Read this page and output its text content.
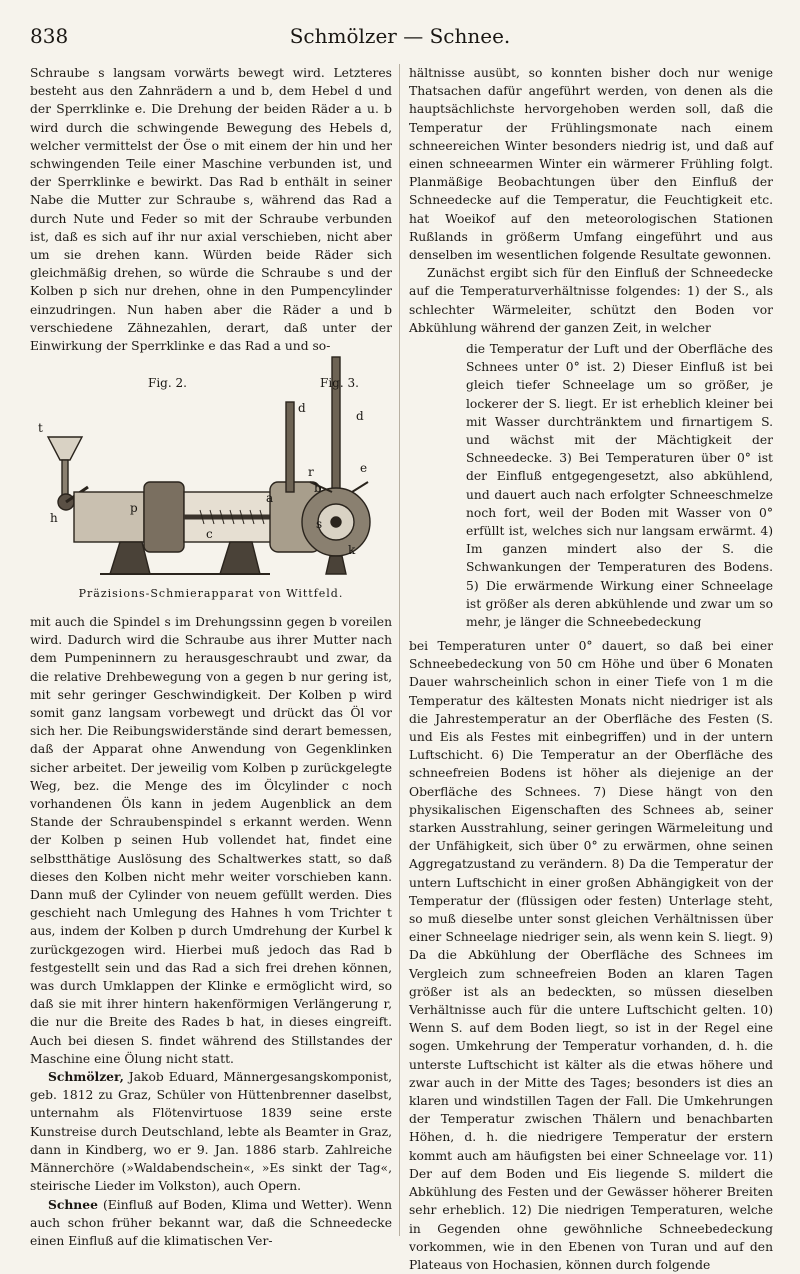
838	Schmölzer — Schnee.

Schraube s langsam vorwärts bewegt wird. Letzteres besteht aus den Zahnrädern a und b, dem Hebel d und der Sperrklinke e. Die Drehung der beiden Räder a u. b wird durch die schwingende Bewegung des Hebels d, welcher vermittelst der Öse o mit einem der hin und her schwingenden Teile einer Maschine verbunden ist, und der Sperrklinke e bewirkt. Das Rad b enthält in seiner Nabe die Mutter zur Schraube s, während das Rad a durch Nute und Feder so mit der Schraube verbunden ist, daß es sich auf ihr nur axial verschieben, nicht aber um sie drehen kann. Würden beide Räder sich gleichmäßig drehen, so würde die Schraube s und der Kolben p sich nur drehen, ohne in den Pumpencylinder einzudringen. Nun haben aber die Räder a und b verschiedene Zähnezahlen, derart, daß unter der Einwirkung der Sperrklinke e das Rad a und so-

Fig. 2.	Fig. 3.
t
d
h
p
a
b
c
s
k
d
r	e
Präzisions-Schmierapparat von Wittfeld.

mit auch die Spindel s im Drehungssinn gegen b voreilen wird. Dadurch wird die Schraube aus ihrer Mutter nach dem Pumpeninnern zu herausgeschraubt und zwar, da die relative Drehbewegung von a gegen b nur gering ist, mit sehr geringer Geschwindigkeit. Der Kolben p wird somit ganz langsam vorbewegt und drückt das Öl vor sich her. Die Reibungswiderstände sind derart bemessen, daß der Apparat ohne Anwendung von Gegenklinken sicher arbeitet. Der jeweilig vom Kolben p zurückgelegte Weg, bez. die Menge des im Ölcylinder c noch vorhandenen Öls kann in jedem Augenblick an dem Stande der Schraubenspindel s erkannt werden. Wenn der Kolben p seinen Hub vollendet hat, findet eine selbstthätige Auslösung des Schaltwerkes statt, so daß dieses den Kolben nicht mehr weiter vorschieben kann. Dann muß der Cylinder von neuem gefüllt werden. Dies geschieht nach Umlegung des Hahnes h vom Trichter t aus, indem der Kolben p durch Umdrehung der Kurbel k zurückgezogen wird. Hierbei muß jedoch das Rad b festgestellt sein und das Rad a sich frei drehen können, was durch Umklappen der Klinke e ermöglicht wird, so daß sie mit ihrer hintern hakenförmigen Verlängerung r, die nur die Breite des Rades b hat, in dieses eingreift. Auch bei diesen S. findet während des Stillstandes der Maschine eine Ölung nicht statt.

Schmölzer, Jakob Eduard, Männergesangskomponist, geb. 1812 zu Graz, Schüler von Hüttenbrenner daselbst, unternahm als Flötenvirtuose 1839 seine erste Kunstreise durch Deutschland, lebte als Beamter in Graz, dann in Kindberg, wo er 9. Jan. 1886 starb. Zahlreiche Männerchöre (»Waldabendschein«, »Es sinkt der Tag«, steirische Lieder im Volkston), auch Opern.

Schnee (Einfluß auf Boden, Klima und Wetter). Wenn auch schon früher bekannt war, daß die Schneedecke einen Einfluß auf die klimatischen Ver-

hältnisse ausübt, so konnten bisher doch nur wenige Thatsachen dafür angeführt werden, von denen als die hauptsächlichste hervorgehoben werden soll, daß die Temperatur der Frühlingsmonate nach einem schneereichen Winter besonders niedrig ist, und daß auf einen schneearmen Winter ein wärmerer Frühling folgt. Planmäßige Beobachtungen über den Einfluß der Schneedecke auf die Temperatur, die Feuchtigkeit etc. hat Woeikof auf den meteorologischen Stationen Rußlands in größerm Umfang eingeführt und aus denselben im wesentlichen folgende Resultate gewonnen.

Zunächst ergibt sich für den Einfluß der Schneedecke auf die Temperaturverhältnisse folgendes: 1) der S., als schlechter Wärmeleiter, schützt den Boden vor Abkühlung während der ganzen Zeit, in welcher

die Temperatur der Luft und der Oberfläche des Schnees unter 0° ist. 2) Dieser Einfluß ist bei gleich tiefer Schneelage um so größer, je lockerer der S. liegt. Er ist erheblich kleiner bei mit Wasser durchtränktem und firnartigem S. und wächst mit der Mächtigkeit der Schneedecke. 3) Bei Temperaturen über 0° ist der Einfluß entgegengesetzt, also abkühlend, und dauert auch nach erfolgter Schneeschmelze noch fort, weil der Boden mit Wasser von 0° erfüllt ist, welches sich nur langsam erwärmt. 4) Im ganzen mindert also der S. die Schwankungen der Temperaturen des Bodens. 5) Die erwärmende Wirkung einer Schneelage ist größer als deren abkühlende und zwar um so mehr, je länger die Schneebedeckung

bei Temperaturen unter 0° dauert, so daß bei einer Schneebedeckung von 50 cm Höhe und über 6 Monaten Dauer wahrscheinlich schon in einer Tiefe von 1 m die Temperatur des kältesten Monats nicht niedriger ist als die Jahrestemperatur an der Oberfläche des Festen (S. und Eis als Festes mit einbegriffen) und in der untern Luftschicht. 6) Die Temperatur an der Oberfläche des schneefreien Bodens ist höher als diejenige an der Oberfläche des Schnees. 7) Diese hängt von den physikalischen Eigenschaften des Schnees ab, seiner starken Ausstrahlung, seiner geringen Wärmeleitung und der Unfähigkeit, sich über 0° zu erwärmen, ohne seinen Aggregatzustand zu verändern. 8) Da die Temperatur der untern Luftschicht in einer großen Abhängigkeit von der Temperatur der (flüssigen oder festen) Unterlage steht, so muß dieselbe unter sonst gleichen Verhältnissen über einer Schneelage niedriger sein, als wenn kein S. liegt. 9) Da die Abkühlung der Oberfläche des Schnees im Vergleich zum schneefreien Boden an klaren Tagen größer ist als an bedeckten, so müssen dieselben Verhältnisse auch für die untere Luftschicht gelten. 10) Wenn S. auf dem Boden liegt, so ist in der Regel eine sogen. Umkehrung der Temperatur vorhanden, d. h. die unterste Luftschicht ist kälter als die etwas höhere und zwar auch in der Mitte des Tages; besonders ist dies an klaren und windstillen Tagen der Fall. Die Umkehrungen der Temperatur zwischen Thälern und benachbarten Höhen, d. h. die niedrigere Temperatur der erstern kommt auch am häufigsten bei einer Schneelage vor. 11) Der auf dem Boden und Eis liegende S. mildert die Abkühlung des Festen und der Gewässer höherer Breiten sehr erheblich. 12) Die niedrigen Temperaturen, welche in Gegenden ohne gewöhnliche Schneebedeckung vorkommen, wie in den Ebenen von Turan und auf den Plateaus von Hochasien, können durch folgende
